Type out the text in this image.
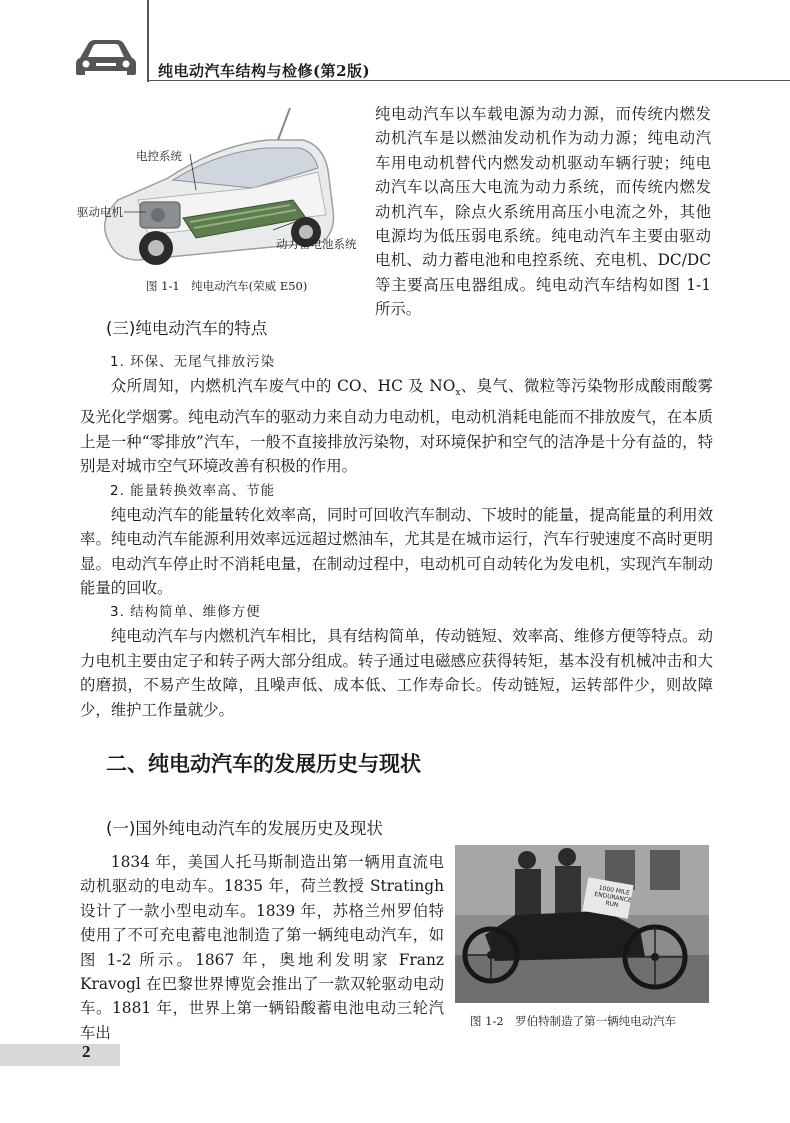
纯电动汽车结构与检修(第2版)
电控系统
驱动电机
动力蓄电池系统
图 1-1　纯电动汽车(荣威 E50)

纯电动汽车以车载电源为动力源，而传统内燃发动机汽车是以燃油发动机作为动力源；纯电动汽车用电动机替代内燃发动机驱动车辆行驶；纯电动汽车以高压大电流为动力系统，而传统内燃发动机汽车，除点火系统用高压小电流之外，其他电源均为低压弱电系统。纯电动汽车主要由驱动电机、动力蓄电池和电控系统、充电机、DC/DC 等主要高压电器组成。纯电动汽车结构如图 1-1 所示。

(三)纯电动汽车的特点
1. 环保、无尾气排放污染

众所周知，内燃机汽车废气中的 CO、HC 及 $NO_x$、臭气、微粒等污染物形成酸雨酸雾及光化学烟雾。纯电动汽车的驱动力来自动力电动机，电动机消耗电能而不排放废气，在本质上是一种“零排放”汽车，一般不直接排放污染物，对环境保护和空气的洁净是十分有益的，特别是对城市空气环境改善有积极的作用。

2. 能量转换效率高、节能

纯电动汽车的能量转化效率高，同时可回收汽车制动、下坡时的能量，提高能量的利用效率。纯电动汽车能源利用效率远远超过燃油车，尤其是在城市运行，汽车行驶速度不高时更明显。电动汽车停止时不消耗电量，在制动过程中，电动机可自动转化为发电机，实现汽车制动能量的回收。

3. 结构简单、维修方便

纯电动汽车与内燃机汽车相比，具有结构简单，传动链短、效率高、维修方便等特点。动力电机主要由定子和转子两大部分组成。转子通过电磁感应获得转矩，基本没有机械冲击和大的磨损，不易产生故障，且噪声低、成本低、工作寿命长。传动链短，运转部件少，则故障少，维护工作量就少。

二、纯电动汽车的发展历史与现状
(一)国外纯电动汽车的发展历史及现状

1834 年，美国人托马斯制造出第一辆用直流电动机驱动的电动车。1835 年，荷兰教授 Stratingh 设计了一款小型电动车。1839 年，苏格兰州罗伯特使用了不可充电蓄电池制造了第一辆纯电动汽车，如图 1-2 所示。1867 年，奥地利发明家 Franz Kravogl 在巴黎世界博览会推出了一款双轮驱动电动车。1881 年，世界上第一辆铅酸蓄电池电动三轮汽车出

1000 MILE ENDURANCE RUN
图 1-2　罗伯特制造了第一辆纯电动汽车
2
